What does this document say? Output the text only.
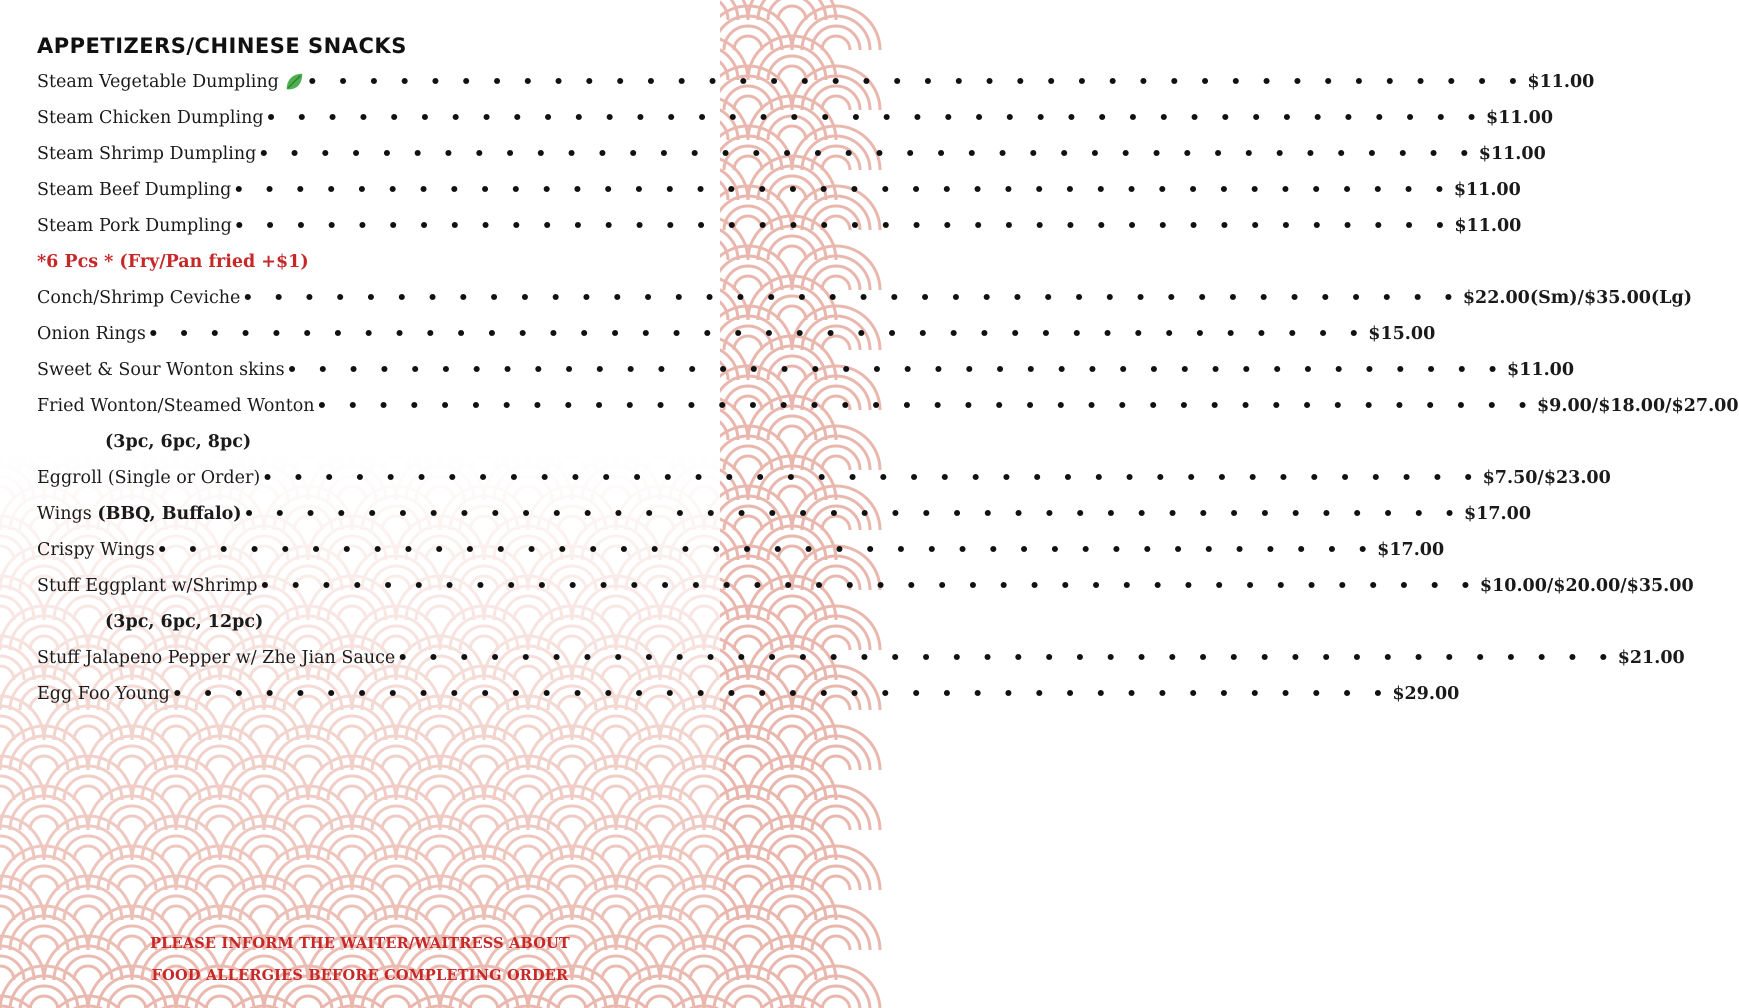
APPETIZERS/CHINESE SNACKS
Steam Vegetable Dumpling • • • • • • • • • • • • • • • • • • • • • • • • • • • • • • • • • • • • • • • • $11.00
Steam Chicken Dumpling • • • • • • • • • • • • • • • • • • • • • • • • • • • • • • • • • • • • • • • • $11.00
Steam Shrimp Dumpling • • • • • • • • • • • • • • • • • • • • • • • • • • • • • • • • • • • • • • • • $11.00
Steam Beef Dumpling • • • • • • • • • • • • • • • • • • • • • • • • • • • • • • • • • • • • • • • • $11.00
Steam Pork Dumpling • • • • • • • • • • • • • • • • • • • • • • • • • • • • • • • • • • • • • • • • $11.00
*6 Pcs * (Fry/Pan fried +$1)
Conch/Shrimp Ceviche • • • • • • • • • • • • • • • • • • • • • • • • • • • • • • • • • • • • • • • • $22.00(Sm)/$35.00(Lg)
Onion Rings • • • • • • • • • • • • • • • • • • • • • • • • • • • • • • • • • • • • • • • • $15.00
Sweet & Sour Wonton skins • • • • • • • • • • • • • • • • • • • • • • • • • • • • • • • • • • • • • • • • $11.00
Fried Wonton/Steamed Wonton • • • • • • • • • • • • • • • • • • • • • • • • • • • • • • • • • • • • • • • • $9.00/$18.00/$27.00
(3pc, 6pc, 8pc)
Eggroll (Single or Order) • • • • • • • • • • • • • • • • • • • • • • • • • • • • • • • • • • • • • • • • $7.50/$23.00
Wings
(BBQ, Buffalo) • • • • • • • • • • • • • • • • • • • • • • • • • • • • • • • • • • • • • • • • $17.00
Crispy Wings • • • • • • • • • • • • • • • • • • • • • • • • • • • • • • • • • • • • • • • • $17.00
Stuff Eggplant w/Shrimp • • • • • • • • • • • • • • • • • • • • • • • • • • • • • • • • • • • • • • • • $10.00/$20.00/$35.00
(3pc, 6pc, 12pc)
Stuff Jalapeno Pepper w/ Zhe Jian Sauce • • • • • • • • • • • • • • • • • • • • • • • • • • • • • • • • • • • • • • • • $21.00
Egg Foo Young • • • • • • • • • • • • • • • • • • • • • • • • • • • • • • • • • • • • • • • • $29.00
PLEASE INFORM THE WAITER/WAITRESS ABOUT
FOOD ALLERGIES BEFORE COMPLETING ORDER
